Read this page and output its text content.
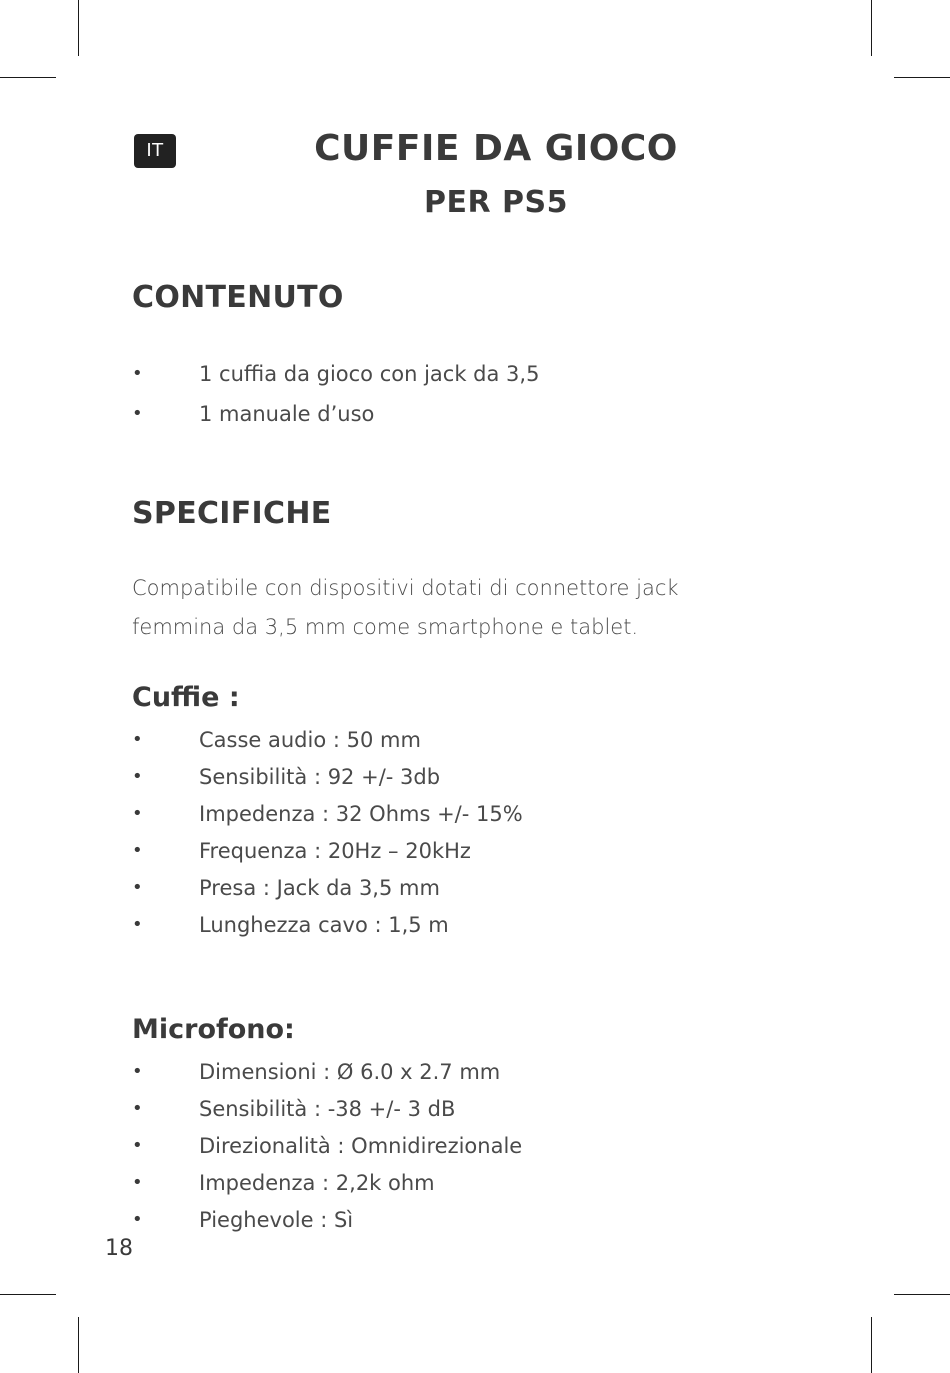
IT	CUFFIE DA GIOCO
PER PS5
CONTENUTO
•	1 cuffia da gioco con jack da 3,5
•	1 manuale d’uso
SPECIFICHE

Compatibile con dispositivi dotati di connettore jack
femmina da 3,5 mm come smartphone e tablet.

Cuffie :
•	Casse audio : 50 mm
•	Sensibilità : 92 +/- 3db
•	Impedenza : 32 Ohms +/- 15%
•	Frequenza : 20Hz – 20kHz
•	Presa : Jack da 3,5 mm
•	Lunghezza cavo : 1,5 m
Microfono:
•	Dimensioni : Ø 6.0 x 2.7 mm
•	Sensibilità : -38 +/- 3 dB
•	Direzionalità : Omnidirezionale
•	Impedenza : 2,2k ohm
•	Pieghevole : Sì
18
